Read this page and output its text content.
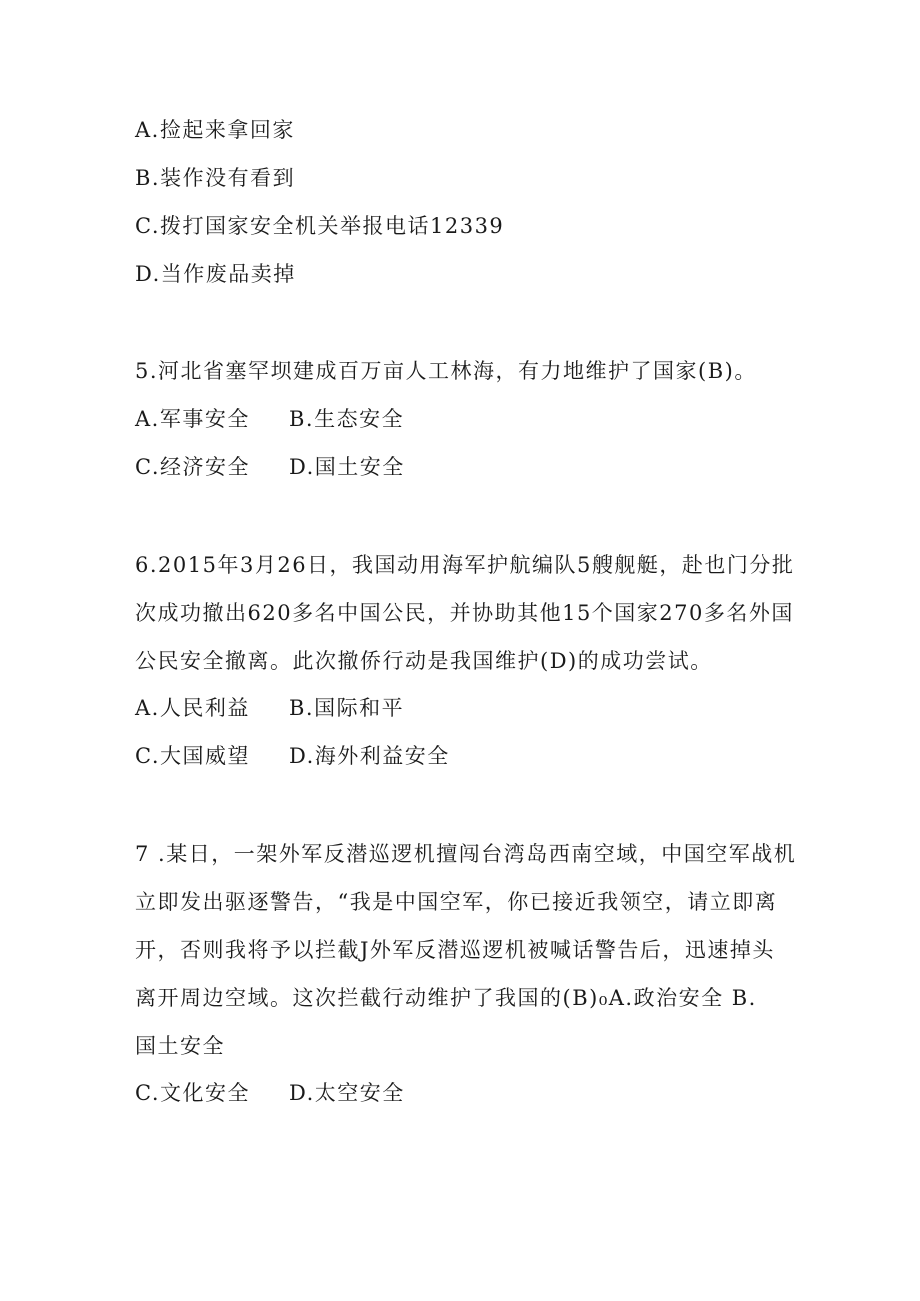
A.捡起来拿回家
B.装作没有看到
C.拨打国家安全机关举报电话12339
D.当作废品卖掉
5.河北省塞罕坝建成百万亩人工林海，有力地维护了国家(B)。
A.军事安全 B.生态安全
C.经济安全 D.国土安全
6.2015年3月26日，我国动用海军护航编队5艘舰艇，赴也门分批
次成功撤出620多名中国公民，并协助其他15个国家270多名外国
公民安全撤离。此次撤侨行动是我国维护(D)的成功尝试。
A.人民利益 B.国际和平
C.大国威望 D.海外利益安全
7 .某日，一架外军反潜巡逻机擅闯台湾岛西南空域，中国空军战机
立即发出驱逐警告，“我是中国空军，你已接近我领空，请立即离
开，否则我将予以拦截J外军反潜巡逻机被喊话警告后，迅速掉头
离开周边空域。这次拦截行动维护了我国的(B)₀A.政治安全 B.
国土安全
C.文化安全 D.太空安全
